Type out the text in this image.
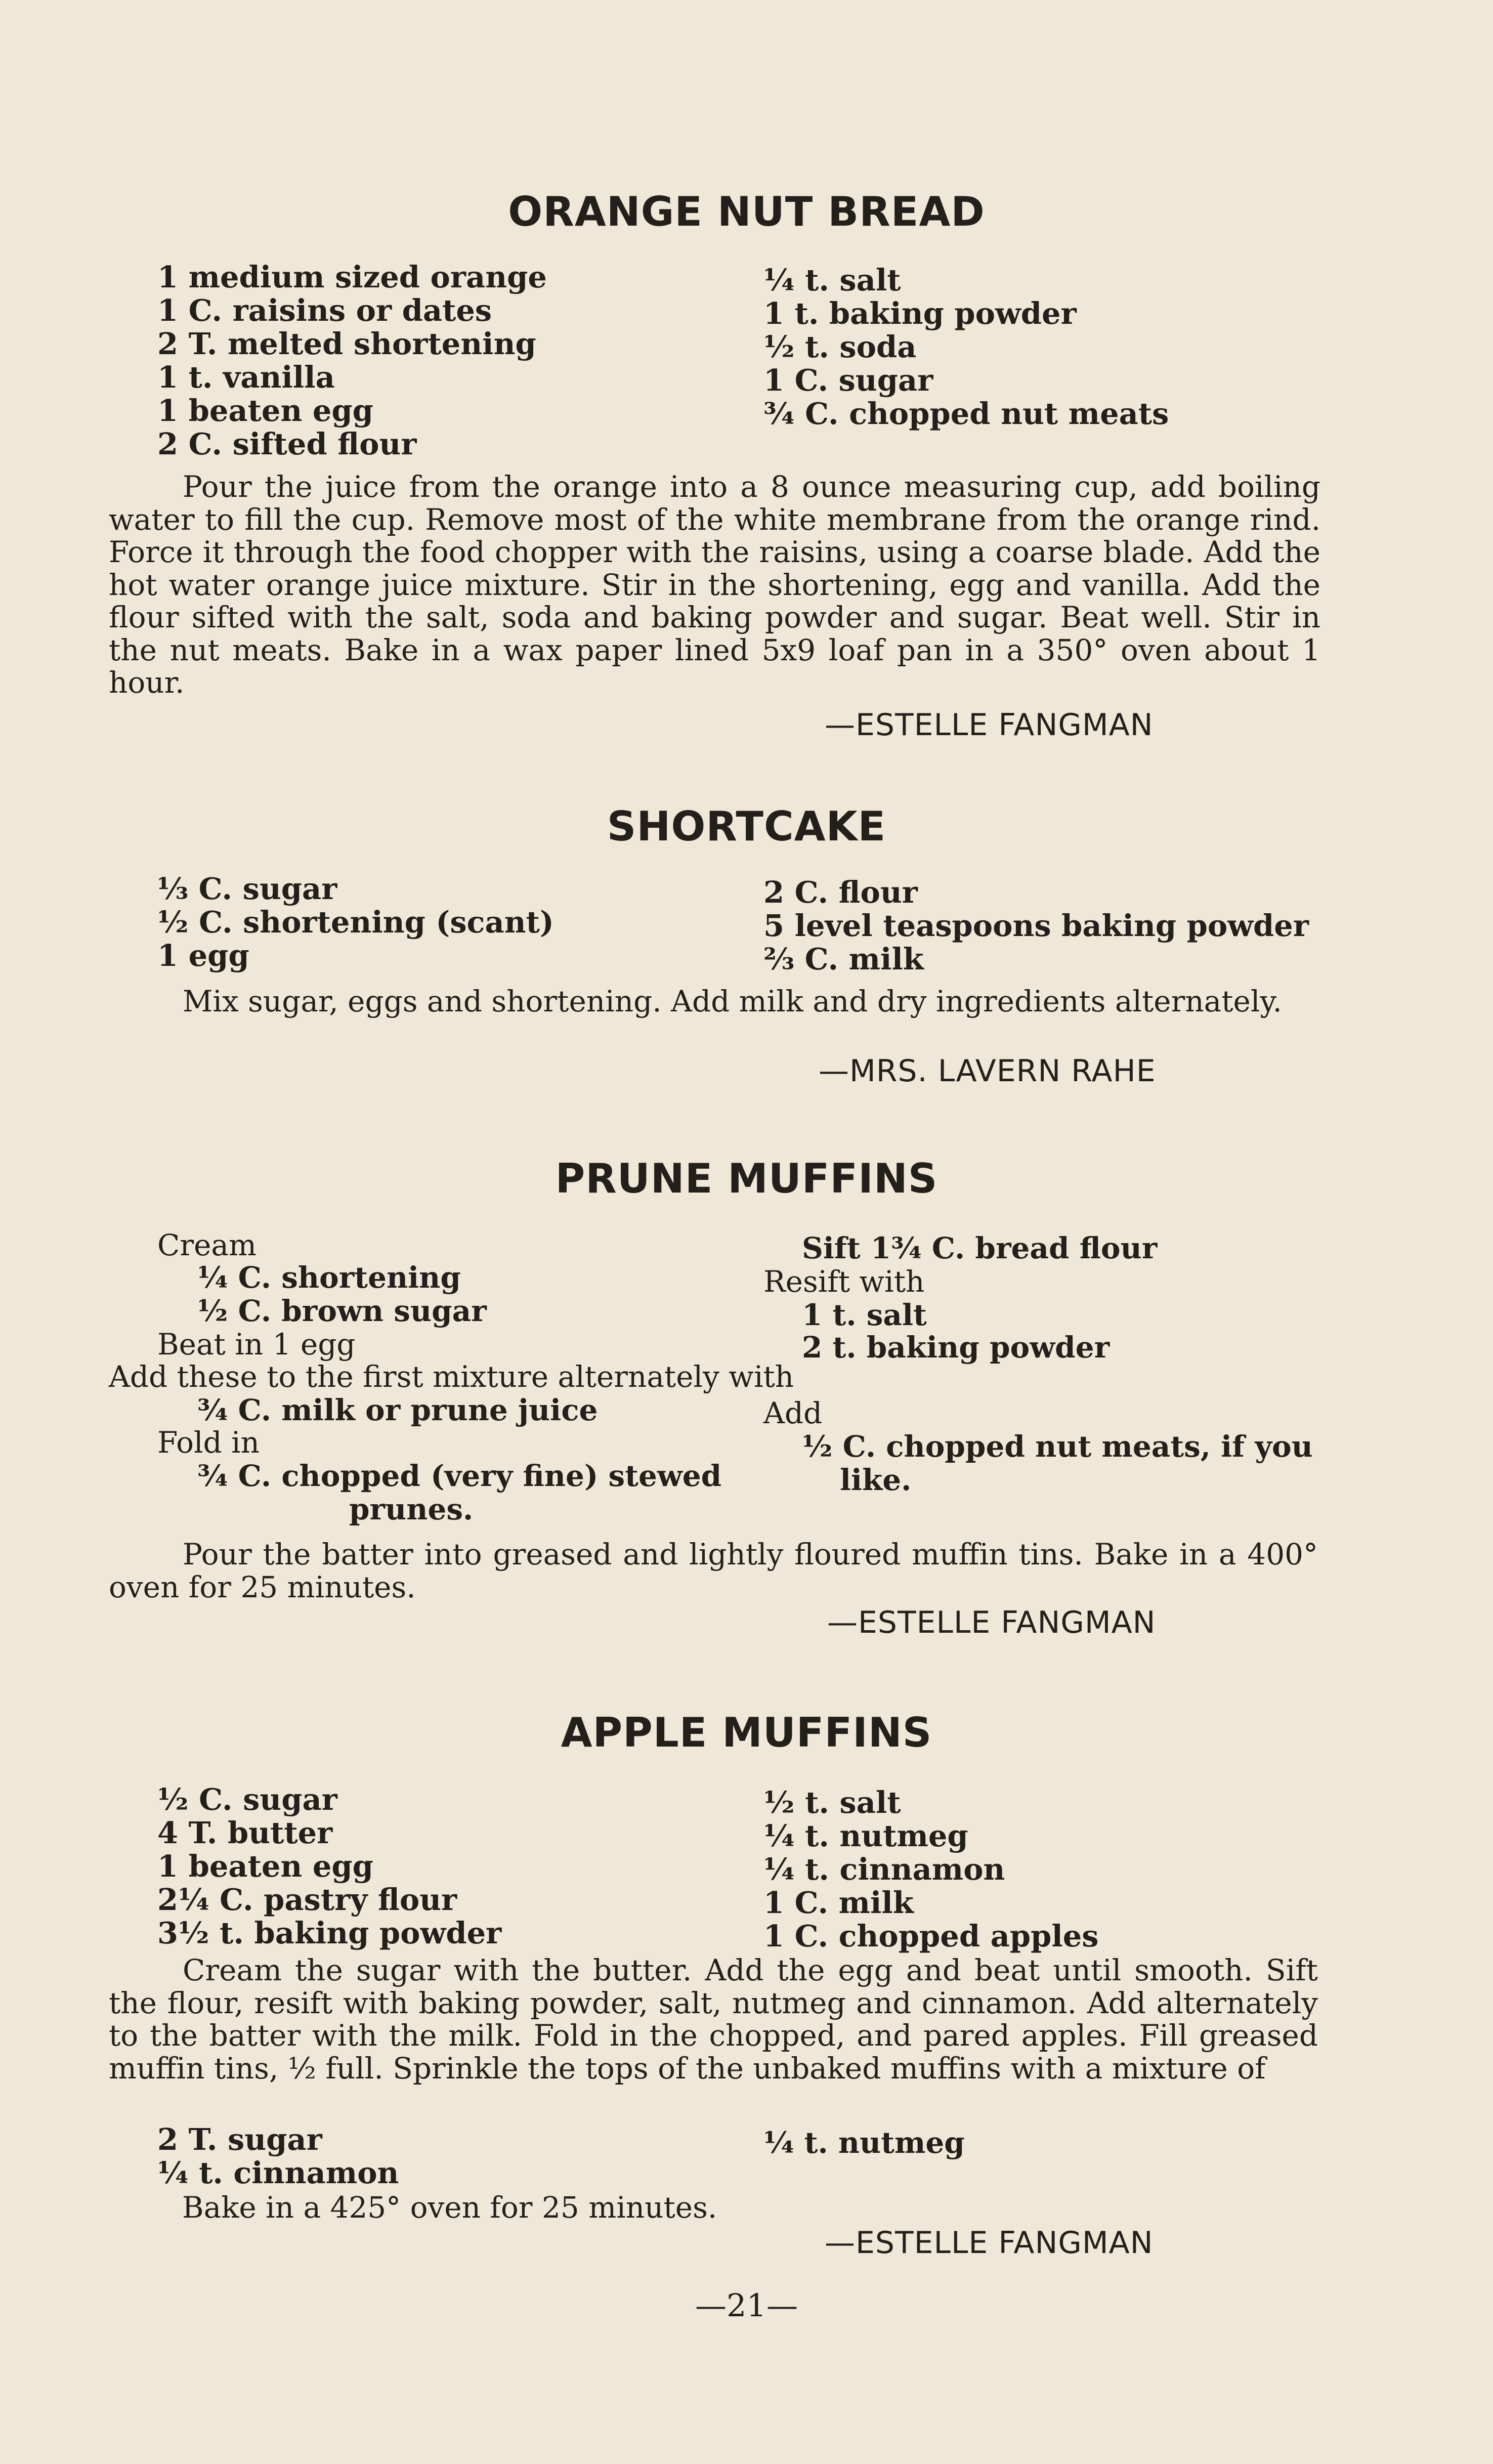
ORANGE NUT BREAD
1 medium sized orange
1 C. raisins or dates
2 T. melted shortening
1 t. vanilla
1 beaten egg
2 C. sifted flour
¼ t. salt
1 t. baking powder
½ t. soda
1 C. sugar
¾ C. chopped nut meats

Pour the juice from the orange into a 8 ounce measuring cup, add boiling water to fill the cup. Remove most of the white membrane from the orange rind. Force it through the food chopper with the raisins, using a coarse blade. Add the hot water orange juice mixture. Stir in the shortening, egg and vanilla. Add the flour sifted with the salt, soda and baking powder and sugar. Beat well. Stir in the nut meats. Bake in a wax paper lined 5x9 loaf pan in a 350° oven about 1 hour.

—ESTELLE FANGMAN

SHORTCAKE
⅓ C. sugar
½ C. shortening (scant)
1 egg
2 C. flour
5 level teaspoons baking powder
⅔ C. milk

Mix sugar, eggs and shortening. Add milk and dry ingredients alternately.

—MRS. LAVERN RAHE

PRUNE MUFFINS

Cream

¼ C. shortening

½ C. brown sugar

Beat in 1 egg

Add these to the first mixture alternately with

¾ C. milk or prune juice

Fold in

¾ C. chopped (very fine) stewed

prunes.

Sift 1¾ C. bread flour

Resift with

1 t. salt

2 t. baking powder

Add

½ C. chopped nut meats, if you

like.

Pour the batter into greased and lightly floured muffin tins. Bake in a 400° oven for 25 minutes.

—ESTELLE FANGMAN

APPLE MUFFINS
½ C. sugar
4 T. butter
1 beaten egg
2¼ C. pastry flour
3½ t. baking powder
½ t. salt
¼ t. nutmeg
¼ t. cinnamon
1 C. milk
1 C. chopped apples

Cream the sugar with the butter. Add the egg and beat until smooth. Sift the flour, resift with baking powder, salt, nutmeg and cinnamon. Add alternately to the batter with the milk. Fold in the chopped, and pared apples. Fill greased muffin tins, ½ full. Sprinkle the tops of the unbaked muffins with a mixture of

2 T. sugar
¼ t. cinnamon

¼ t. nutmeg

Bake in a 425° oven for 25 minutes.

—ESTELLE FANGMAN

—21—
